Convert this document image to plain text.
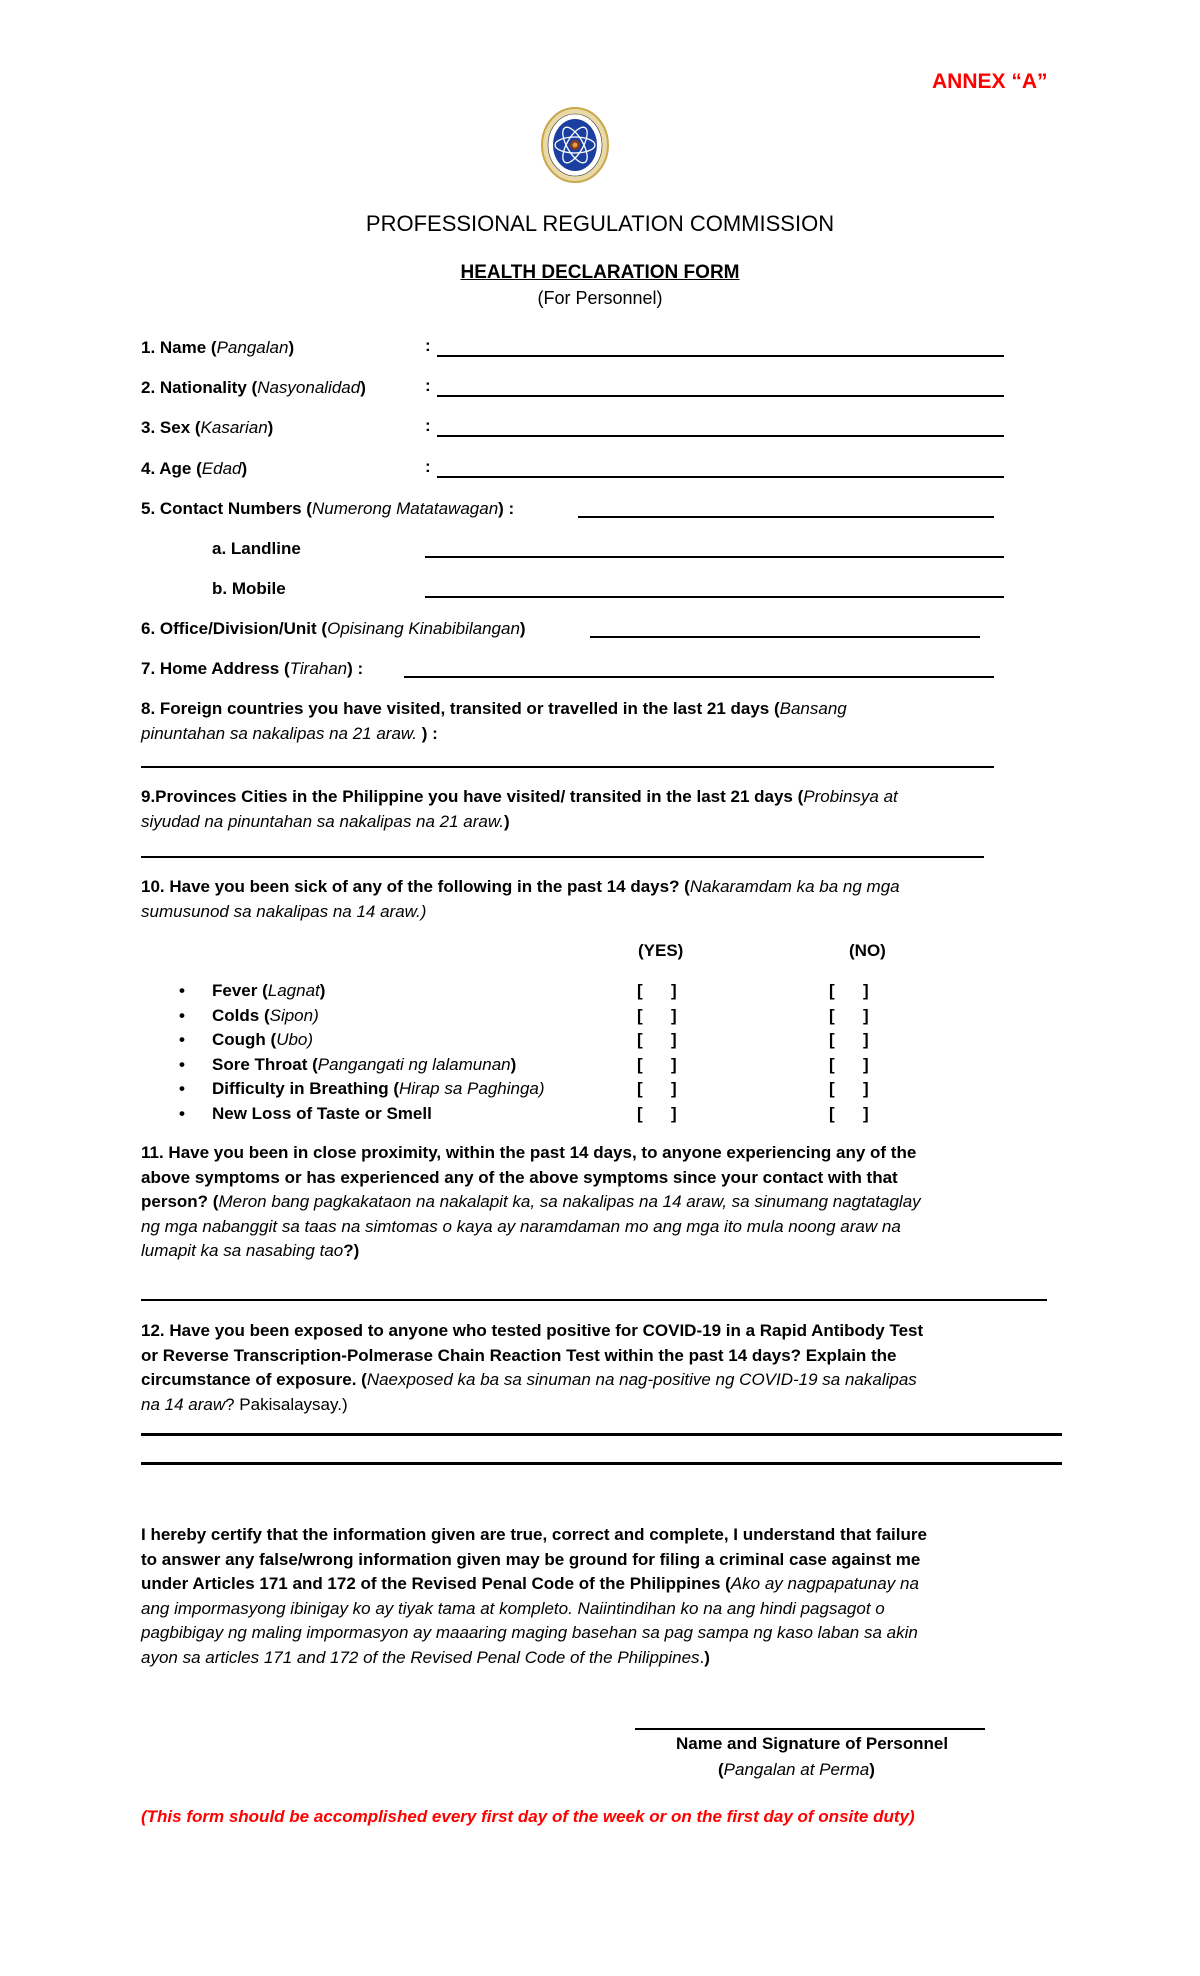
ANNEX “A”
PROFESSIONAL REGULATION COMMISSION
HEALTH DECLARATION FORM
(For Personnel)
1. Name (Pangalan)	:
2. Nationality (Nasyonalidad)	:
3. Sex (Kasarian)	:
4. Age (Edad)	:
5. Contact Numbers (Numerong Matatawagan) :
a. Landline
b. Mobile
6. Office/Division/Unit (Opisinang Kinabibilangan)
7. Home Address (Tirahan) :
8. Foreign countries you have visited, transited or travelled in the last 21 days (Bansang
pinuntahan sa nakalipas na 21 araw. ) :
9.Provinces Cities in the Philippine you have visited/ transited in the last 21 days (Probinsya at
siyudad na pinuntahan sa nakalipas na 21 araw.)
10. Have you been sick of any of the following in the past 14 days? (Nakaramdam ka ba ng mga
sumusunod sa nakalipas na 14 araw.)
(YES)	(NO)
• Fever (Lagnat)	[      ]	[      ]
• Colds (Sipon)	[      ]	[      ]
• Cough (Ubo)	[      ]	[      ]
• Sore Throat (Pangangati ng lalamunan)	[      ]	[      ]
• Difficulty in Breathing (Hirap sa Paghinga)	[      ]	[      ]
• New Loss of Taste or Smell	[      ]	[      ]
11. Have you been in close proximity, within the past 14 days, to anyone experiencing any of the
above symptoms or has experienced any of the above symptoms since your contact with that
person? (Meron bang pagkakataon na nakalapit ka, sa nakalipas na 14 araw, sa sinumang nagtataglay
ng mga nabanggit sa taas na simtomas o kaya ay naramdaman mo ang mga ito mula noong araw na
lumapit ka sa nasabing tao?)
12. Have you been exposed to anyone who tested positive for COVID-19 in a Rapid Antibody Test
or Reverse Transcription-Polmerase Chain Reaction Test within the past 14 days? Explain the
circumstance of exposure. (Naexposed ka ba sa sinuman na nag-positive ng COVID-19 sa nakalipas
na 14 araw? Pakisalaysay.)
I hereby certify that the information given are true, correct and complete, I understand that failure
to answer any false/wrong information given may be ground for filing a criminal case against me
under Articles 171 and 172 of the Revised Penal Code of the Philippines (Ako ay nagpapatunay na
ang impormasyong ibinigay ko ay tiyak tama at kompleto. Naiintindihan ko na ang hindi pagsagot o
pagbibigay ng maling impormasyon ay maaaring maging basehan sa pag sampa ng kaso laban sa akin
ayon sa articles 171 and 172 of the Revised Penal Code of the Philippines.)
Name and Signature of Personnel
(Pangalan at Perma)
(This form should be accomplished every first day of the week or on the first day of onsite duty)
